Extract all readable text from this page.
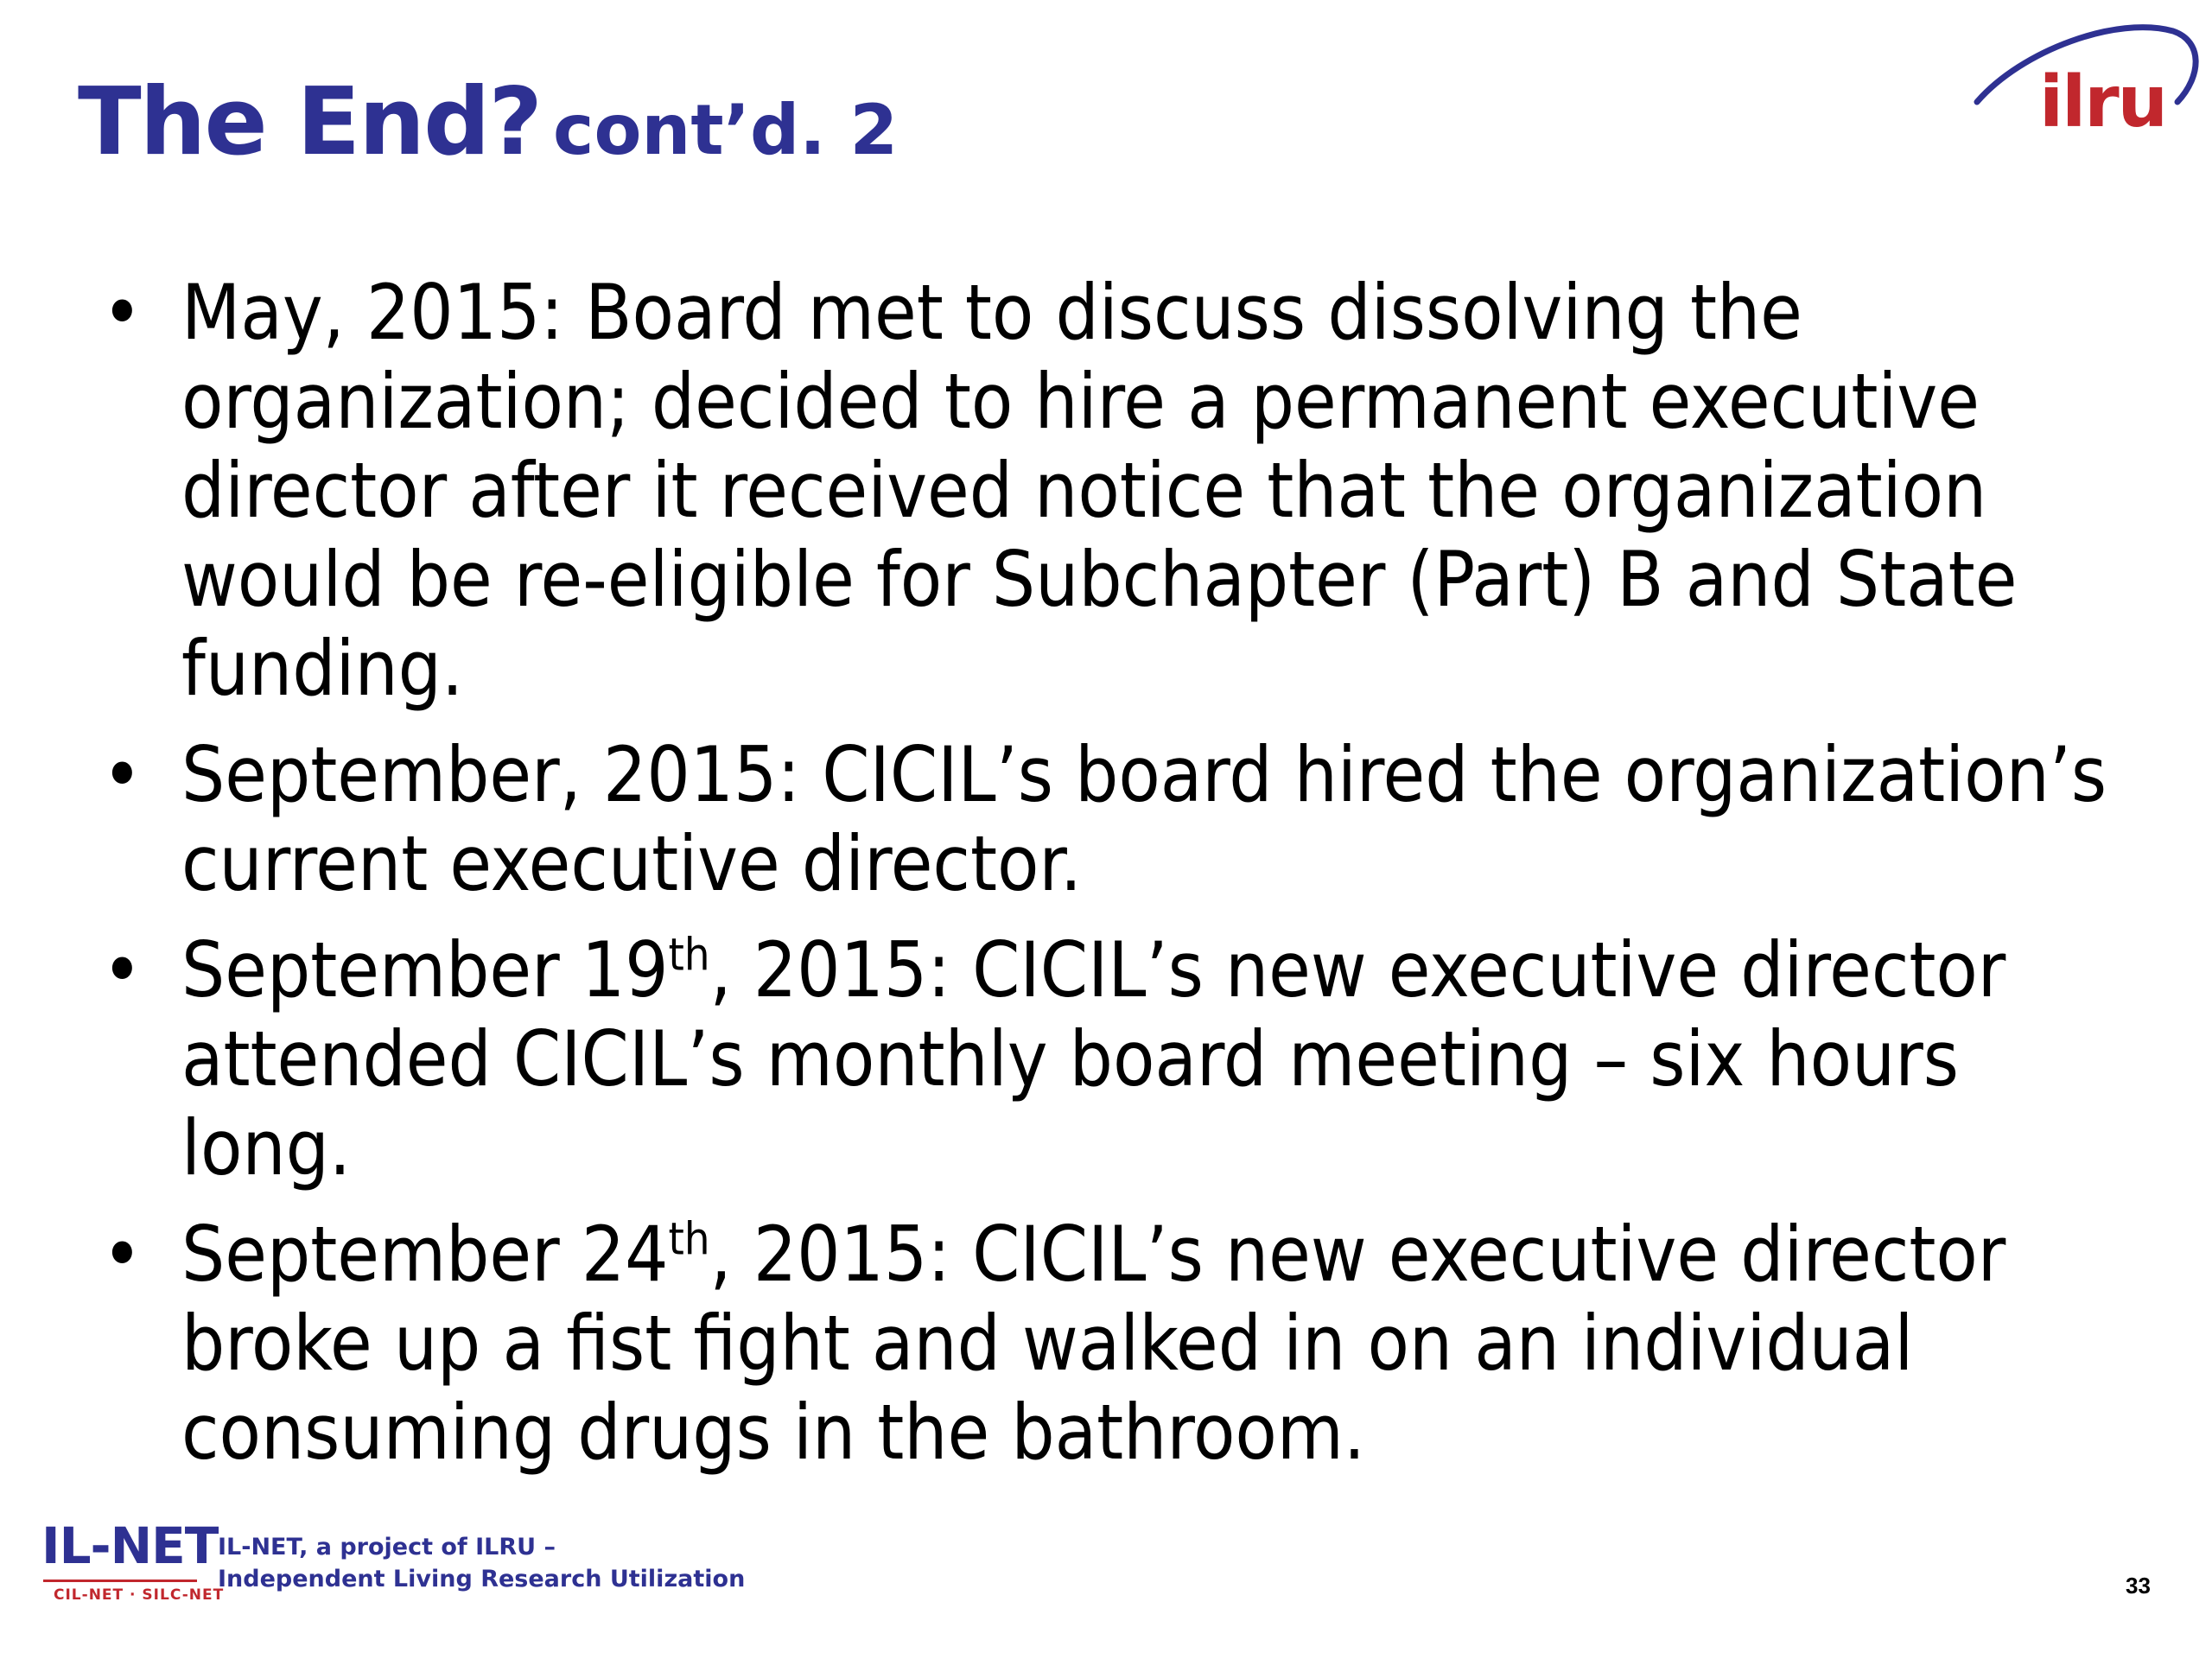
The End? cont’d. 2	ilru
• May, 2015: Board met to discuss dissolving the organization; decided to hire a permanent executive director after it received notice that the organization would be re-eligible for Subchapter (Part) B and State funding.
• September, 2015: CICIL’s board hired the organization’s current executive director.
• September 19th, 2015: CICIL’s new executive director attended CICIL’s monthly board meeting – six hours long.
• September 24th, 2015: CICIL’s new executive director broke up a fist fight and walked in on an individual consuming drugs in the bathroom.
IL-NET
CIL-NET · SILC-NET
IL-NET, a project of ILRU –
Independent Living Research Utilization	33
